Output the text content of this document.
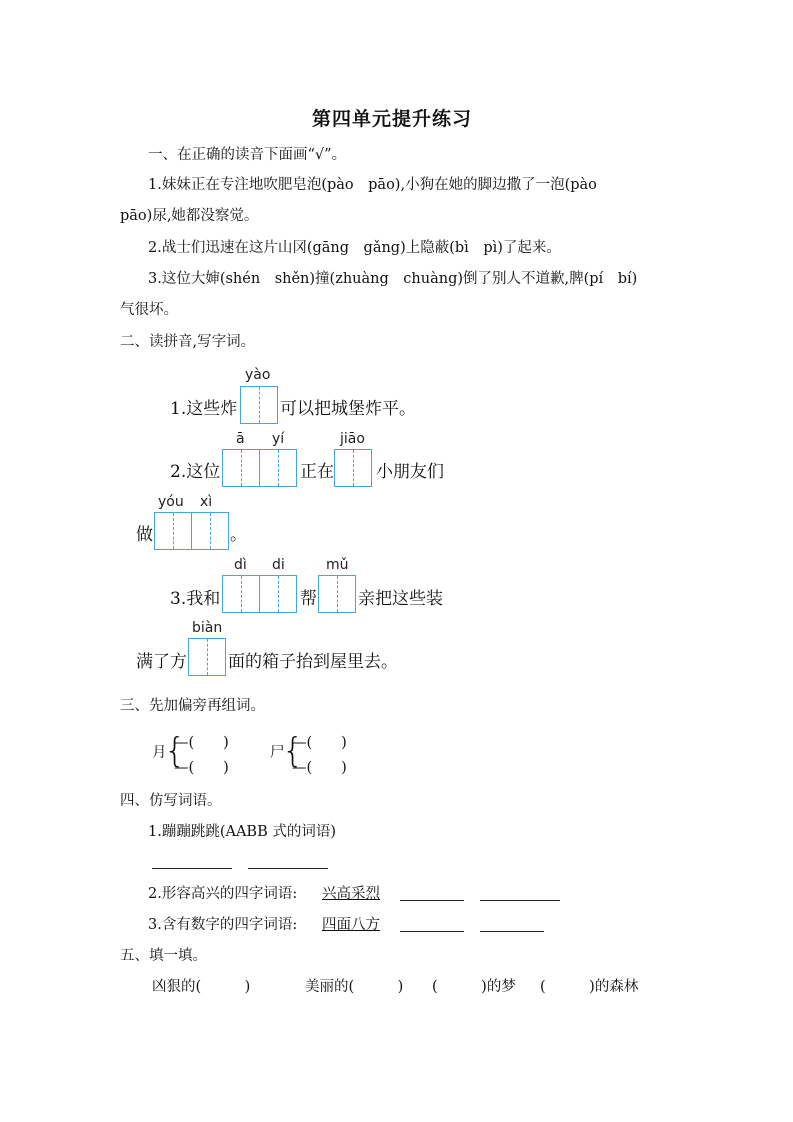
第四单元提升练习
一、在正确的读音下面画“√”。
1.妹妹正在专注地吹肥皂泡(pào　pāo),小狗在她的脚边撒了一泡(pào
pāo)尿,她都没察觉。
2.战士们迅速在这片山冈(gāng　gǎng)上隐蔽(bì　pì)了起来。
3.这位大婶(shén　shěn)撞(zhuàng　chuàng)倒了别人不道歉,脾(pí　bí)
气很坏。
二、读拼音,写字词。
yào
1.这些炸	可以把城堡炸平。
ā yí	jiāo
2.这位	正在 小朋友们
yóu xì
做	。
dì di	mǔ
3.我和	帮 亲把这些装
biàn
满了方 面的箱子抬到屋里去。
三、先加偏旁再组词。
月
{
—(　　)
—(　　)
尸
{
—(　　)
—(　　)
四、仿写词语。
1.蹦蹦跳跳(AABB 式的词语)
2.形容高兴的四字词语: 兴高采烈
3.含有数字的四字词语: 四面八方
五、填一填。
凶狠的(　　　)	美丽的(　　　) (　　　)的梦 (　　　)的森林
